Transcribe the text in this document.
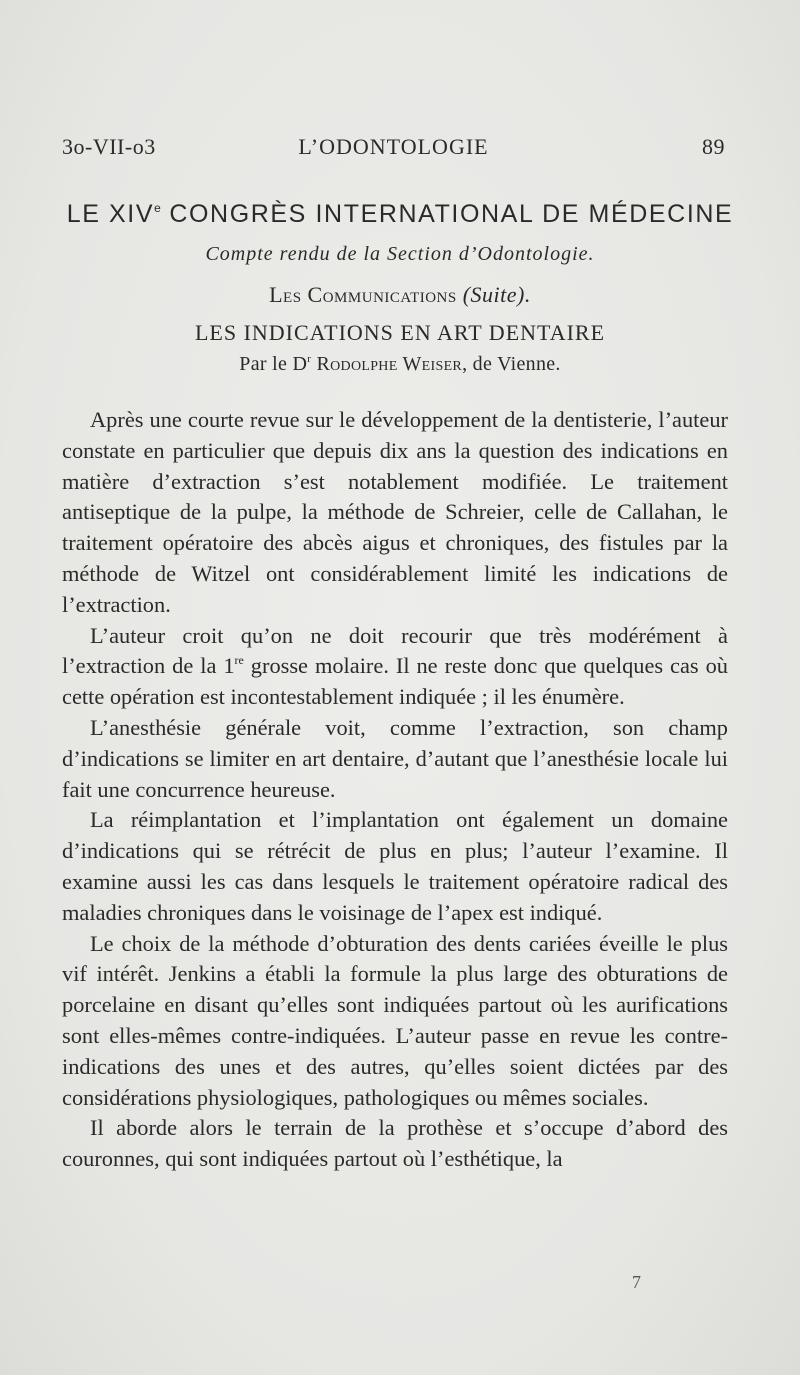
3o-VII-o3	L’ODONTOLOGIE	89
LE XIVe CONGRÈS INTERNATIONAL DE MÉDECINE
Compte rendu de la Section d’Odontologie.
Les Communications (Suite).
LES INDICATIONS EN ART DENTAIRE
Par le $D^r$ Rodolphe Weiser, de Vienne.

Après une courte revue sur le développement de la dentisterie, l’auteur constate en particulier que depuis dix ans la question des indications en matière d’extraction s’est notablement modifiée. Le traitement antiseptique de la pulpe, la méthode de Schreier, celle de Callahan, le traitement opératoire des abcès aigus et chroniques, des fistules par la méthode de Witzel ont considérablement limité les indications de l’extraction.

L’auteur croit qu’on ne doit recourir que très modérément à l’extraction de la 1re grosse molaire. Il ne reste donc que quelques cas où cette opération est incontestablement indiquée ; il les énumère.

L’anesthésie générale voit, comme l’extraction, son champ d’indications se limiter en art dentaire, d’autant que l’anesthésie locale lui fait une concurrence heureuse.

La réimplantation et l’implantation ont également un domaine d’indications qui se rétrécit de plus en plus; l’auteur l’examine. Il examine aussi les cas dans lesquels le traitement opératoire radical des maladies chroniques dans le voisinage de l’apex est indiqué.

Le choix de la méthode d’obturation des dents cariées éveille le plus vif intérêt. Jenkins a établi la formule la plus large des obturations de porcelaine en disant qu’elles sont indiquées partout où les aurifications sont elles-mêmes contre-indiquées. L’auteur passe en revue les contre-indications des unes et des autres, qu’elles soient dictées par des considérations physiologiques, pathologiques ou mêmes sociales.

Il aborde alors le terrain de la prothèse et s’occupe d’abord des couronnes, qui sont indiquées partout où l’esthétique, la

7
